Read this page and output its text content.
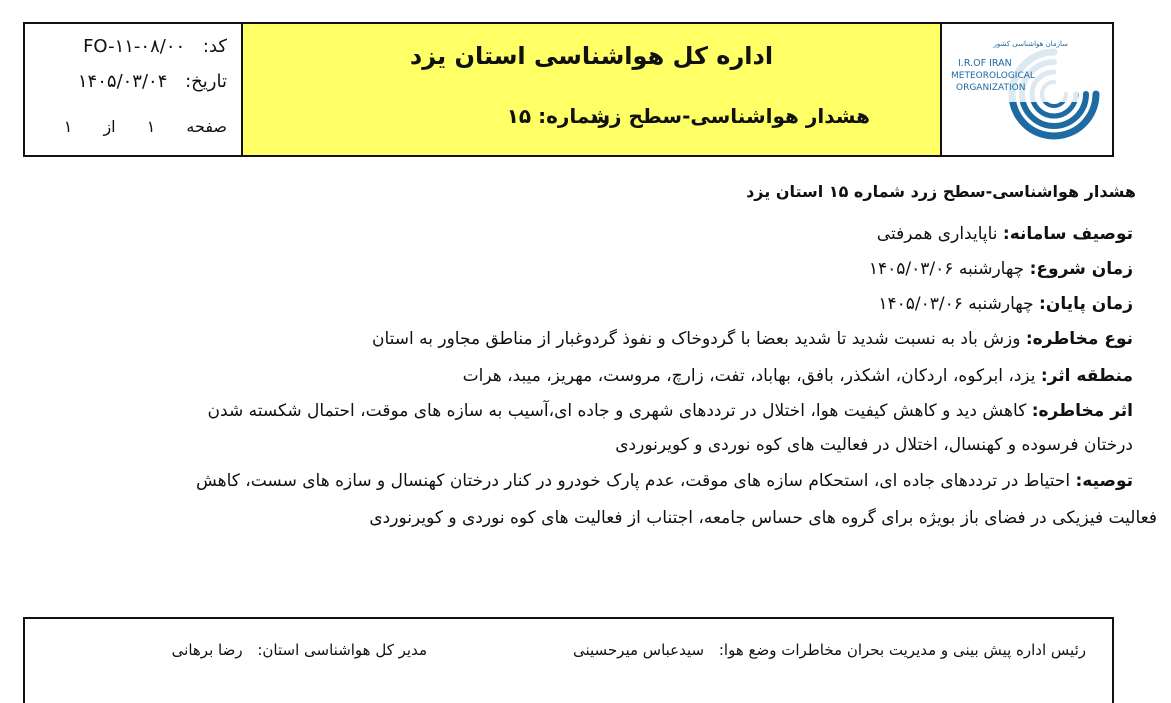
کد: FO-۱۱-۰۸/۰۰
تاریخ: ۱۴۰۵/۰۳/۰۴
صفحه ۱ از ۱
اداره کل هواشناسی استان یزد
هشدار هواشناسی-سطح زرد
شماره: ۱۵
سازمان هواشناسی کشور
I.R.OF IRAN
METEOROLOGICAL
ORGANIZATION
هشدار هواشناسی-سطح زرد شماره ۱۵ استان یزد
توصیف سامانه: ناپایداری همرفتی
زمان شروع: چهارشنبه ۱۴۰۵/۰۳/۰۶
زمان پایان: چهارشنبه ۱۴۰۵/۰۳/۰۶
نوع مخاطره: وزش باد به نسبت شدید تا شدید بعضا با گردوخاک و نفوذ گردوغبار از مناطق مجاور به استان
منطقه اثر: یزد، ابرکوه، اردکان، اشکذر، بافق، بهاباد، تفت، زارچ، مروست، مهریز، میبد، هرات
اثر مخاطره: کاهش دید و کاهش کیفیت هوا، اختلال در ترددهای شهری و جاده ای،آسیب به سازه های موقت، احتمال شکسته شدن
درختان فرسوده و کهنسال، اختلال در فعالیت های کوه نوردی و کویرنوردی
توصیه: احتیاط در ترددهای جاده ای، استحکام سازه های موقت، عدم پارک خودرو در کنار درختان کهنسال و سازه های سست، کاهش
فعالیت فیزیکی در فضای باز بویژه برای گروه های حساس جامعه، اجتناب از فعالیت های کوه نوردی و کویرنوردی
رئیس اداره پیش بینی و مدیریت بحران مخاطرات وضع هوا: سیدعباس میرحسینی
مدیر کل هواشناسی استان: رضا برهانی
